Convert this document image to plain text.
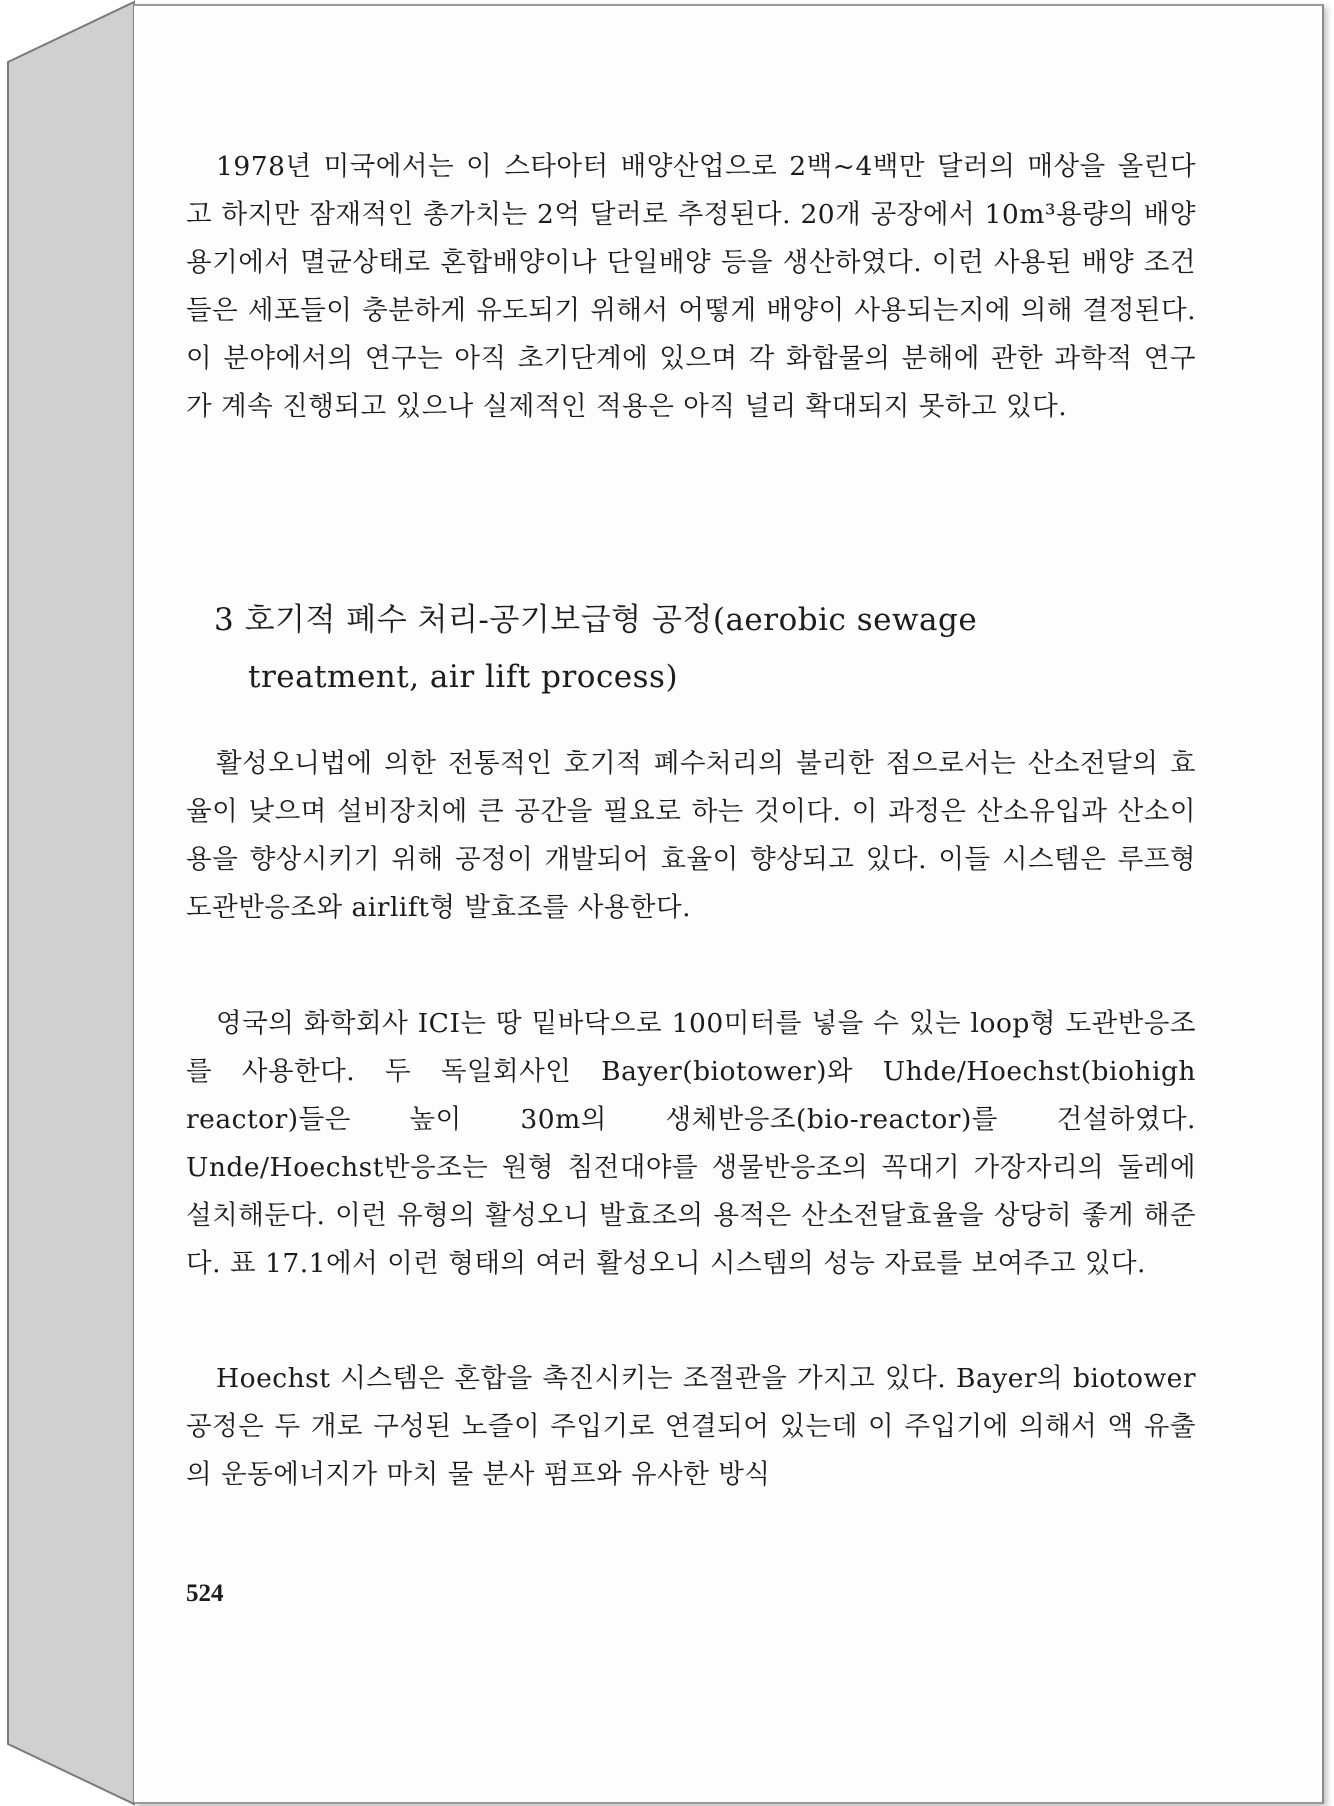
1978년 미국에서는 이 스타아터 배양산업으로 2백~4백만 달러의 매상을 올린다고 하지만 잠재적인 총가치는 2억 달러로 추정된다. 20개 공장에서 10m³용량의 배양 용기에서 멸균상태로 혼합배양이나 단일배양 등을 생산하였다. 이런 사용된 배양 조건들은 세포들이 충분하게 유도되기 위해서 어떻게 배양이 사용되는지에 의해 결정된다. 이 분야에서의 연구는 아직 초기단계에 있으며 각 화합물의 분해에 관한 과학적 연구가 계속 진행되고 있으나 실제적인 적용은 아직 널리 확대되지 못하고 있다.
3 호기적 폐수 처리-공기보급형 공정(aerobic sewage
treatment, air lift process)
활성오니법에 의한 전통적인 호기적 폐수처리의 불리한 점으로서는 산소전달의 효율이 낮으며 설비장치에 큰 공간을 필요로 하는 것이다. 이 과정은 산소유입과 산소이용을 향상시키기 위해 공정이 개발되어 효율이 향상되고 있다. 이들 시스템은 루프형 도관반응조와 airlift형 발효조를 사용한다.
영국의 화학회사 ICI는 땅 밑바닥으로 100미터를 넣을 수 있는 loop형 도관반응조를 사용한다. 두 독일회사인 Bayer(biotower)와 Uhde/Hoechst(biohigh reactor)들은 높이 30m의 생체반응조(bio-reactor)를 건설하였다. Unde/Hoechst반응조는 원형 침전대야를 생물반응조의 꼭대기 가장자리의 둘레에 설치해둔다. 이런 유형의 활성오니 발효조의 용적은 산소전달효율을 상당히 좋게 해준다. 표 17.1에서 이런 형태의 여러 활성오니 시스템의 성능 자료를 보여주고 있다.
Hoechst 시스템은 혼합을 촉진시키는 조절관을 가지고 있다. Bayer의 biotower 공정은 두 개로 구성된 노즐이 주입기로 연결되어 있는데 이 주입기에 의해서 액 유출의 운동에너지가 마치 물 분사 펌프와 유사한 방식
524
